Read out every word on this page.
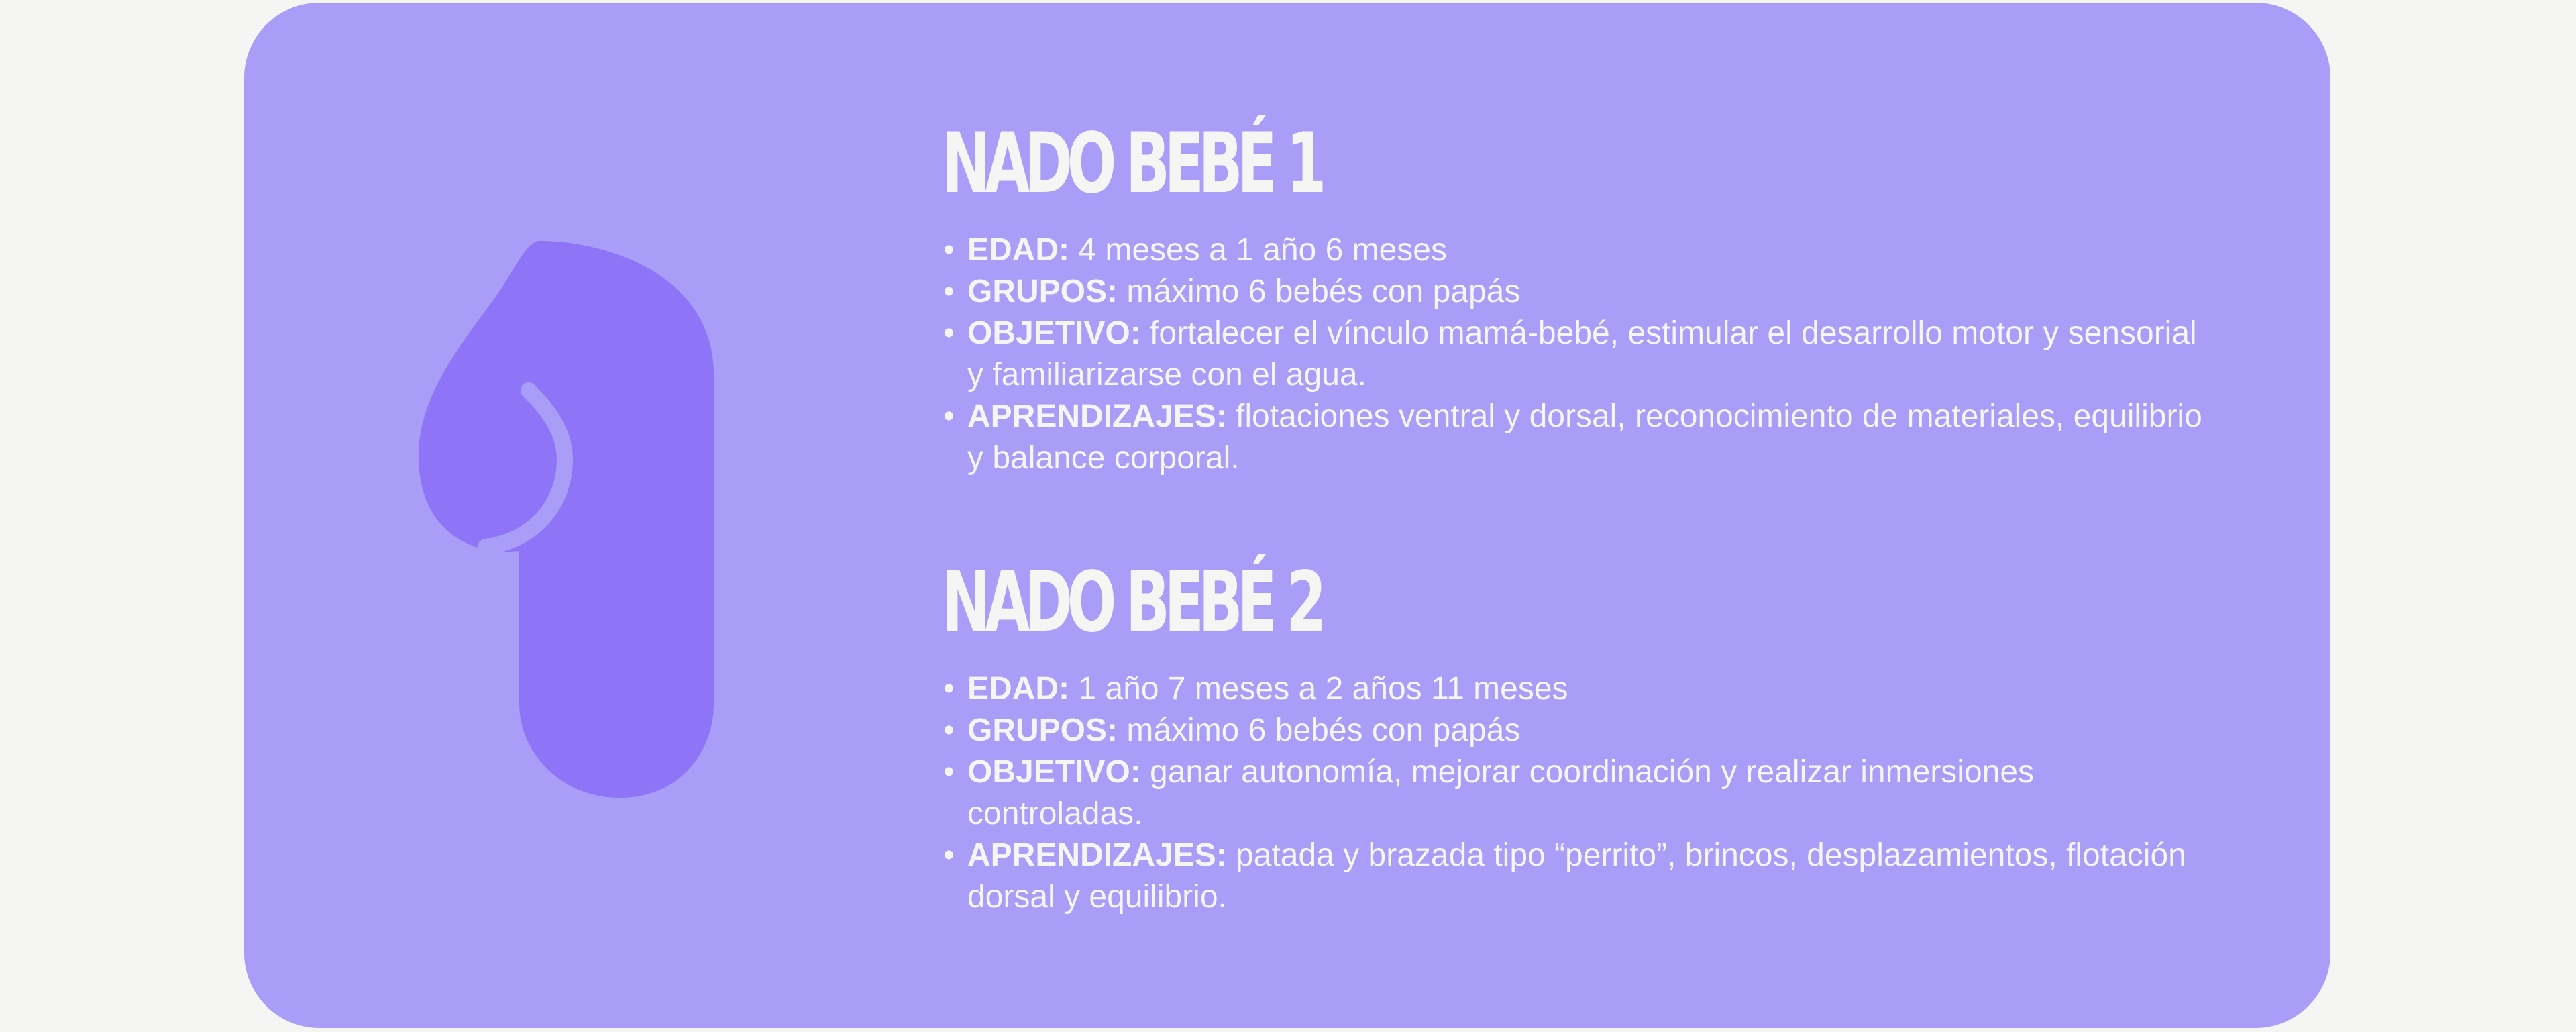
NADO BEBÉ 1
• EDAD: 4 meses a 1 año 6 meses
• GRUPOS: máximo 6 bebés con papás
• OBJETIVO: fortalecer el vínculo mamá-bebé, estimular el desarrollo motor y sensorial y familiarizarse con el agua.
• APRENDIZAJES: flotaciones ventral y dorsal, reconocimiento de materiales, equilibrio y balance corporal.
NADO BEBÉ 2
• EDAD: 1 año 7 meses a 2 años 11 meses
• GRUPOS: máximo 6 bebés con papás
• OBJETIVO: ganar autonomía, mejorar coordinación y realizar inmersiones controladas.
• APRENDIZAJES: patada y brazada tipo “perrito”, brincos, desplazamientos, flotación dorsal y equilibrio.
